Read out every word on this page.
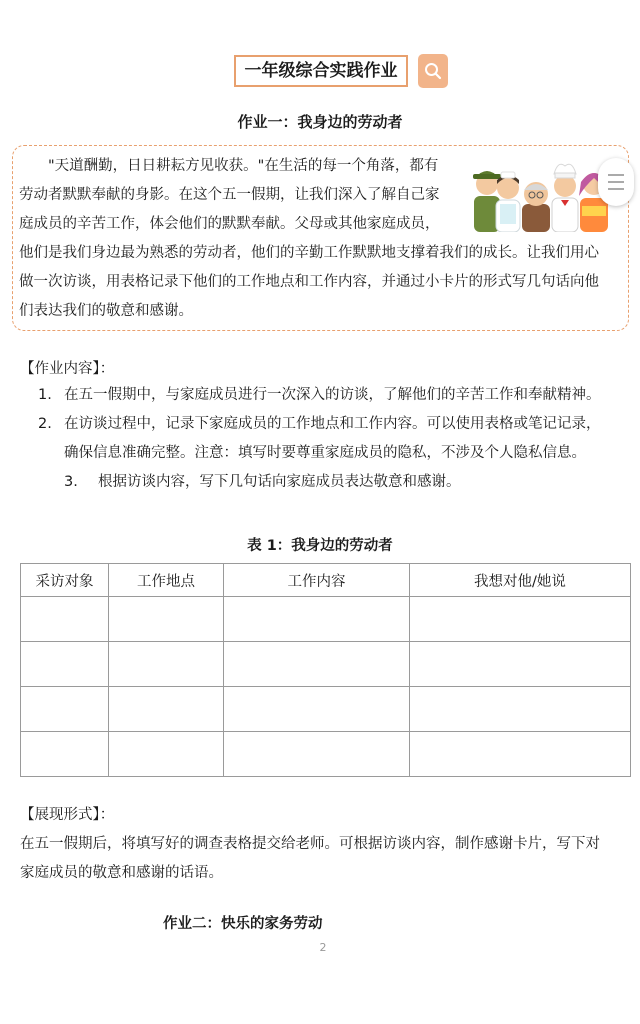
一年级综合实践作业
作业一：我身边的劳动者
"天道酬勤，日日耕耘方见收获。"在生活的每一个角落，都有
劳动者默默奉献的身影。在这个五一假期，让我们深入了解自己家
庭成员的辛苦工作，体会他们的默默奉献。父母或其他家庭成员，
他们是我们身边最为熟悉的劳动者，他们的辛勤工作默默地支撑着我们的成长。让我们用心
做一次访谈，用表格记录下他们的工作地点和工作内容，并通过小卡片的形式写几句话向他
们表达我们的敬意和感谢。
【作业内容】：
1. 在五一假期中，与家庭成员进行一次深入的访谈，了解他们的辛苦工作和奉献精神。
2. 在访谈过程中，记录下家庭成员的工作地点和工作内容。可以使用表格或笔记记录，
确保信息准确完整。注意：填写时要尊重家庭成员的隐私，不涉及个人隐私信息。
3. 根据访谈内容，写下几句话向家庭成员表达敬意和感谢。
表 1：我身边的劳动者
采访对象	工作地点	工作内容	我想对他/她说

【展现形式】：
在五一假期后，将填写好的调查表格提交给老师。可根据访谈内容，制作感谢卡片，写下对
家庭成员的敬意和感谢的话语。
作业二：快乐的家务劳动
2
